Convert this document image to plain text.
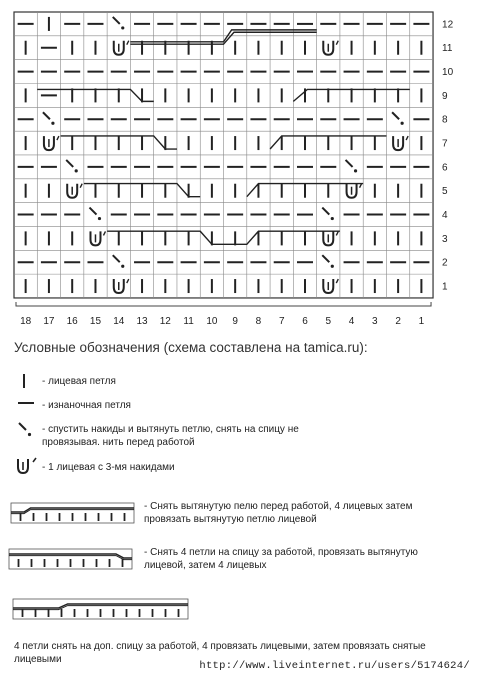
12
11
10
9
8
7
6
5
4
3
2
1
18 17 16 15 14 13 12 11 10 9 8 7 6 5 4 3 2 1
Условные обозначения (схема составлена на tamica.ru):
- лицевая петля
- изнаночная петля
- спустить накиды и вытянуть петлю, снять на спицу не провязывая. нить перед работой
- 1 лицевая с 3-мя накидами
- Снять вытянутую пелю перед работой, 4 лицевых затем провязать вытянутую петлю лицевой
- Снять 4 петли на спицу за работой, провязать вытянутую лицевой, затем 4 лицевых
4 петли снять на доп. спицу за работой, 4 провязать лицевыми, затем провязать снятые лицевыми
http://www.liveinternet.ru/users/5174624/
